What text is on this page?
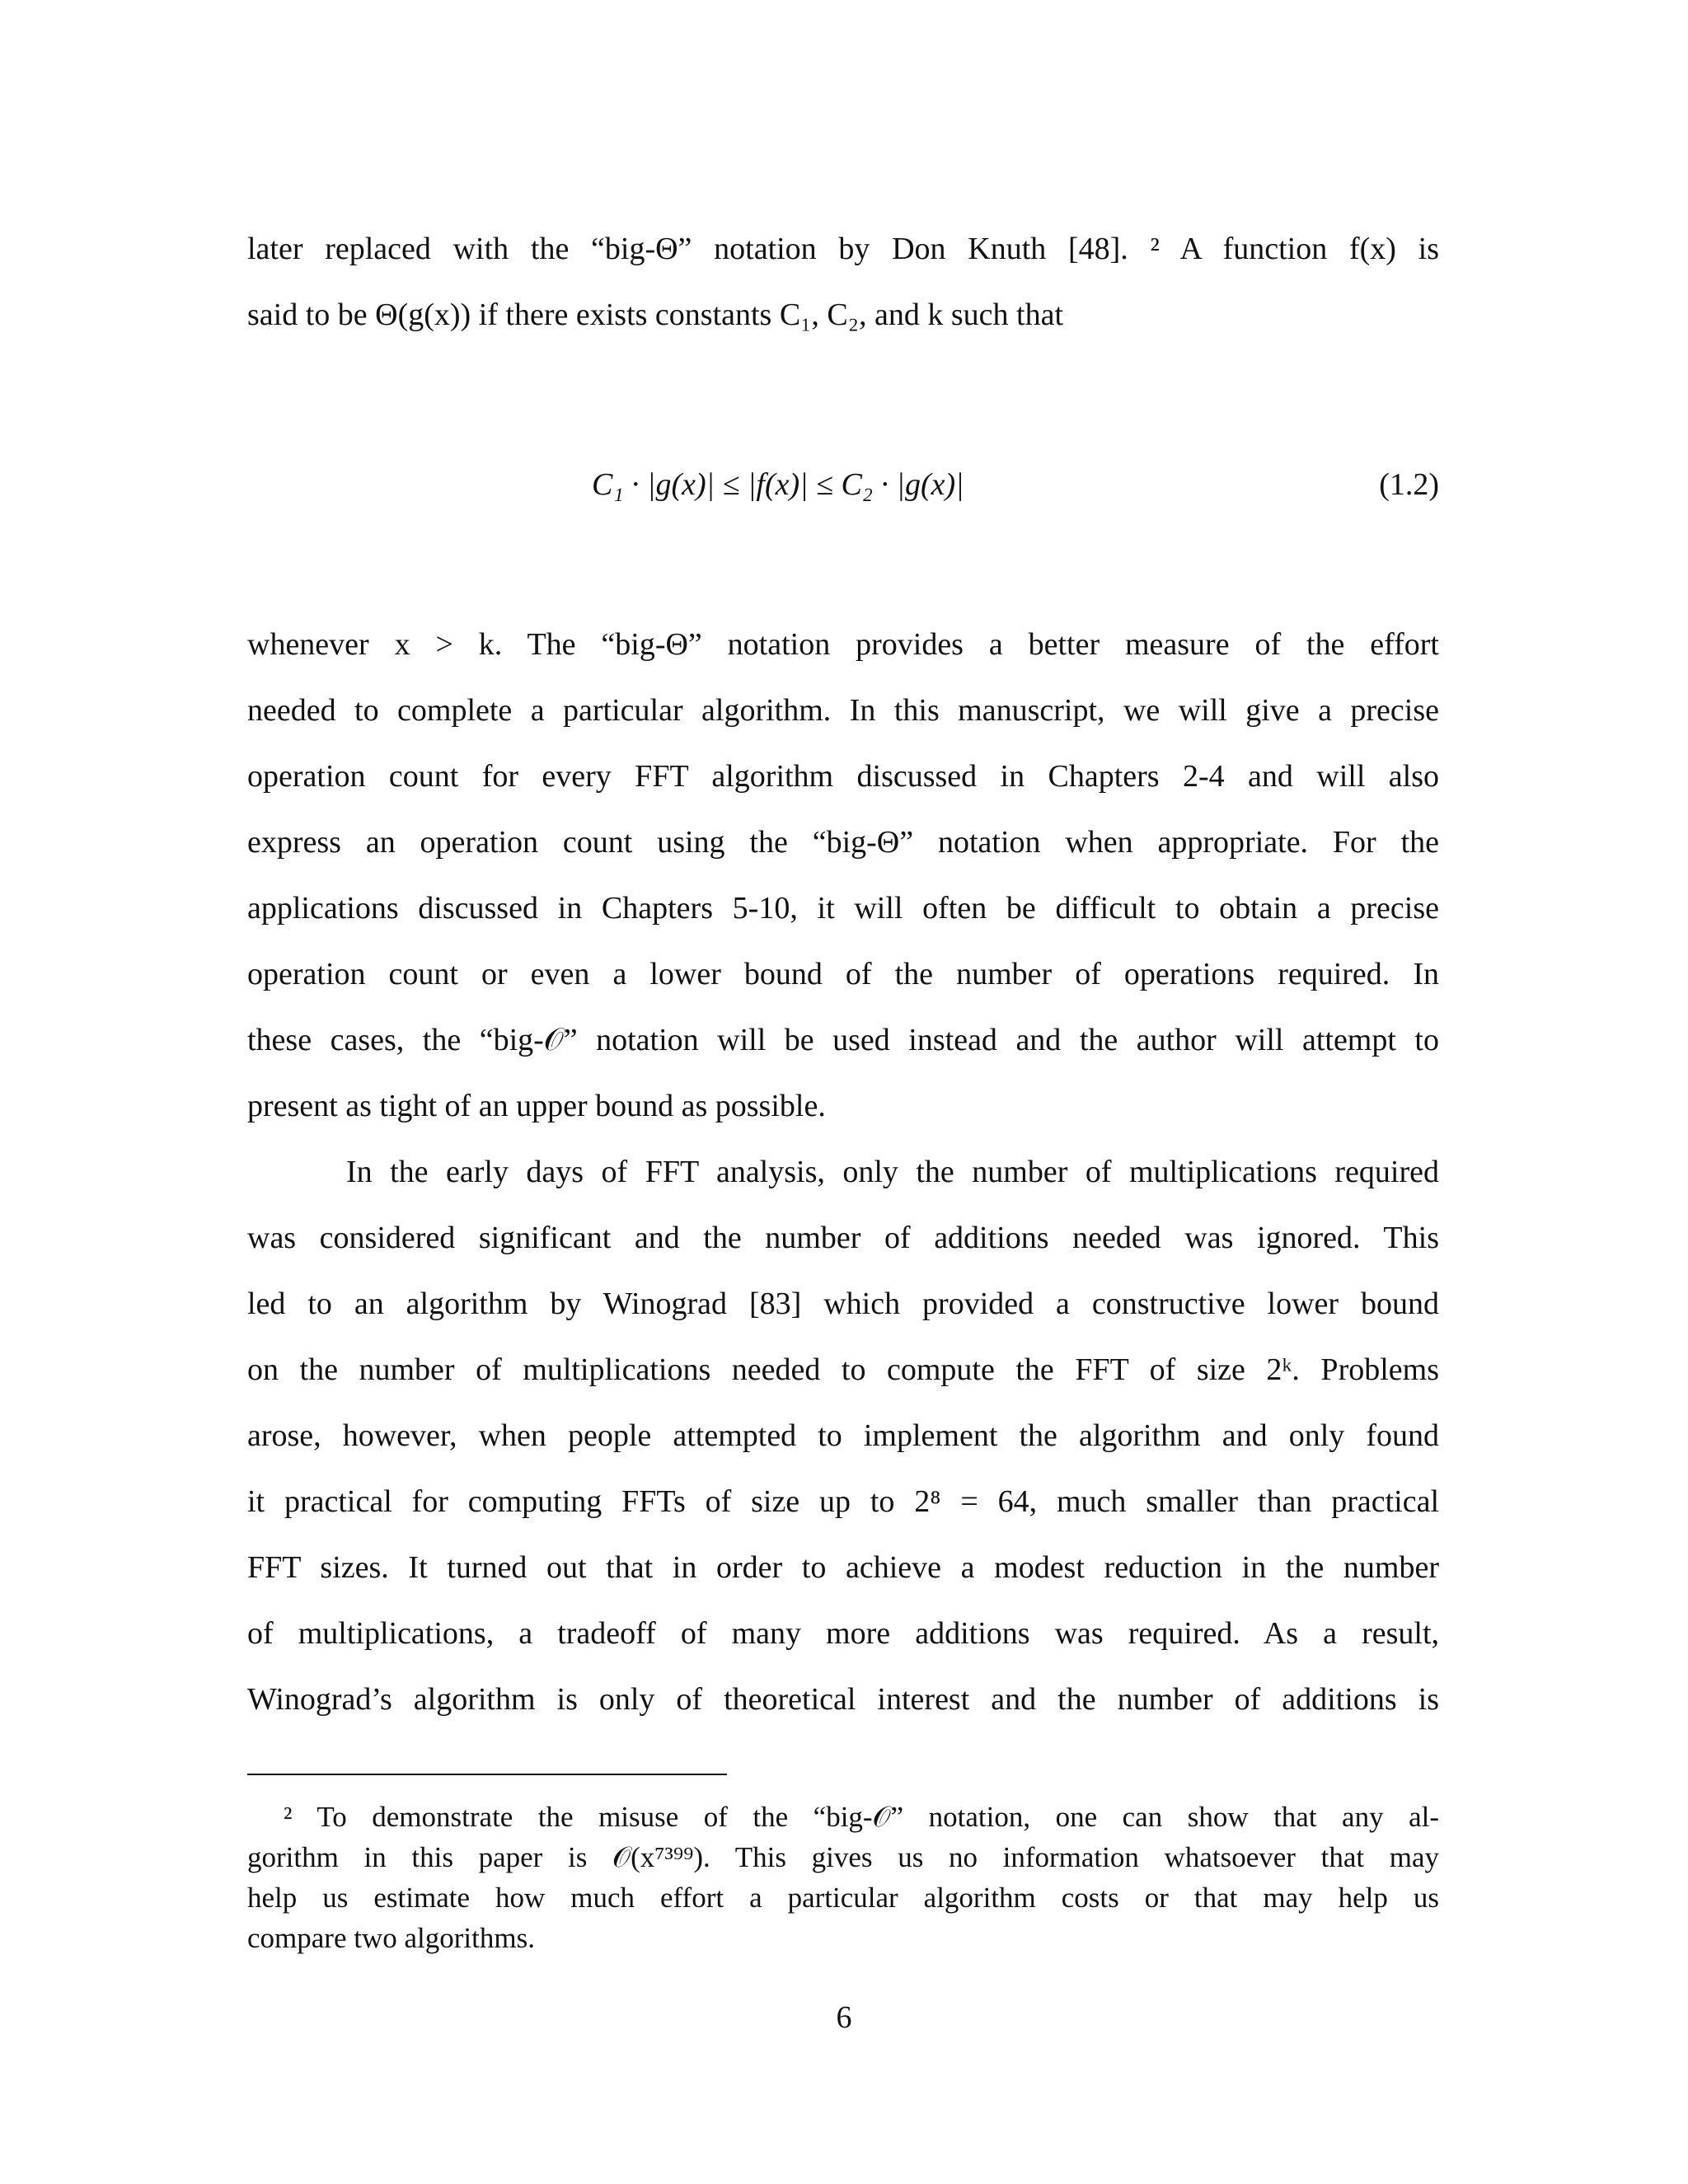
later replaced with the “big-Θ” notation by Don Knuth [48]. ² A function f(x) is
said to be Θ(g(x)) if there exists constants C₁, C₂, and k such that
C₁ · |g(x)| ≤ |f(x)| ≤ C₂ · |g(x)|	(1.2)
whenever x > k. The “big-Θ” notation provides a better measure of the effort
needed to complete a particular algorithm. In this manuscript, we will give a precise
operation count for every FFT algorithm discussed in Chapters 2-4 and will also
express an operation count using the “big-Θ” notation when appropriate. For the
applications discussed in Chapters 5-10, it will often be difficult to obtain a precise
operation count or even a lower bound of the number of operations required. In
these cases, the “big-𝒪” notation will be used instead and the author will attempt to
present as tight of an upper bound as possible.
In the early days of FFT analysis, only the number of multiplications required
was considered significant and the number of additions needed was ignored. This
led to an algorithm by Winograd [83] which provided a constructive lower bound
on the number of multiplications needed to compute the FFT of size 2ᵏ. Problems
arose, however, when people attempted to implement the algorithm and only found
it practical for computing FFTs of size up to 2⁸ = 64, much smaller than practical
FFT sizes. It turned out that in order to achieve a modest reduction in the number
of multiplications, a tradeoff of many more additions was required. As a result,
Winograd’s algorithm is only of theoretical interest and the number of additions is
² To demonstrate the misuse of the “big-𝒪” notation, one can show that any al-
gorithm in this paper is 𝒪(x⁷³⁹⁹). This gives us no information whatsoever that may
help us estimate how much effort a particular algorithm costs or that may help us
compare two algorithms.
6
